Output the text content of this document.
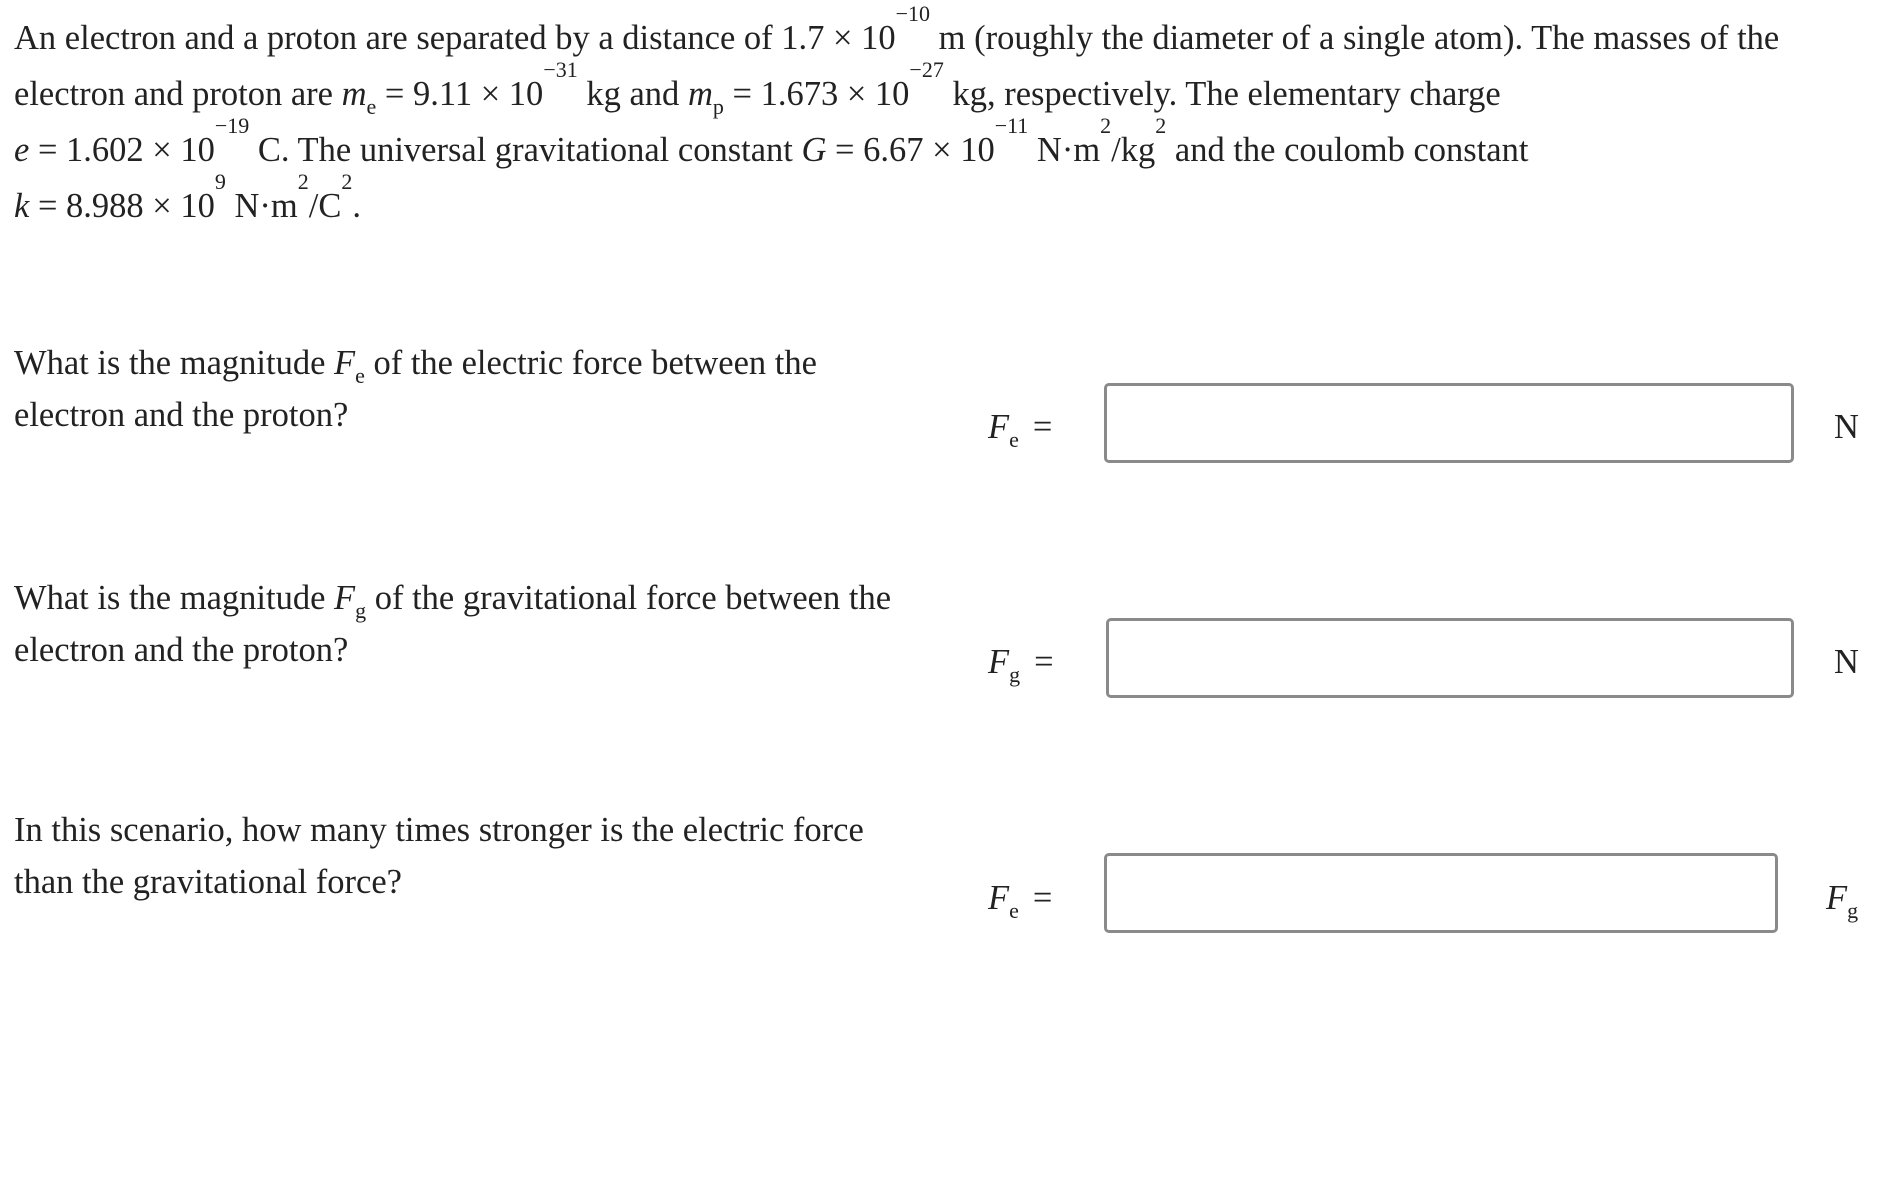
An electron and a proton are separated by a distance of $1.7 \times 10^{-10}$ m (roughly the diameter of a single atom). The masses of the electron and proton are $m_e = 9.11 \times 10^{-31}$ kg and $m_p = 1.673 \times 10^{-27}$ kg, respectively. The elementary charge
$e = 1.602 \times 10^{-19}$ C. The universal gravitational constant $G = 6.67 \times 10^{-11}$ $N\cdot m^2/kg^2$ and the coulomb constant
$k = 8.988 \times 10^9$ $N\cdot m^2/C^2$.
What is the magnitude $F_e$ of the electric force between the electron and the proton?	$F_e$ =	N
What is the magnitude $F_g$ of the gravitational force between the electron and the proton?	$F_g$ =	N
In this scenario, how many times stronger is the electric force than the gravitational force?	$F_e$ =	$F_g$
